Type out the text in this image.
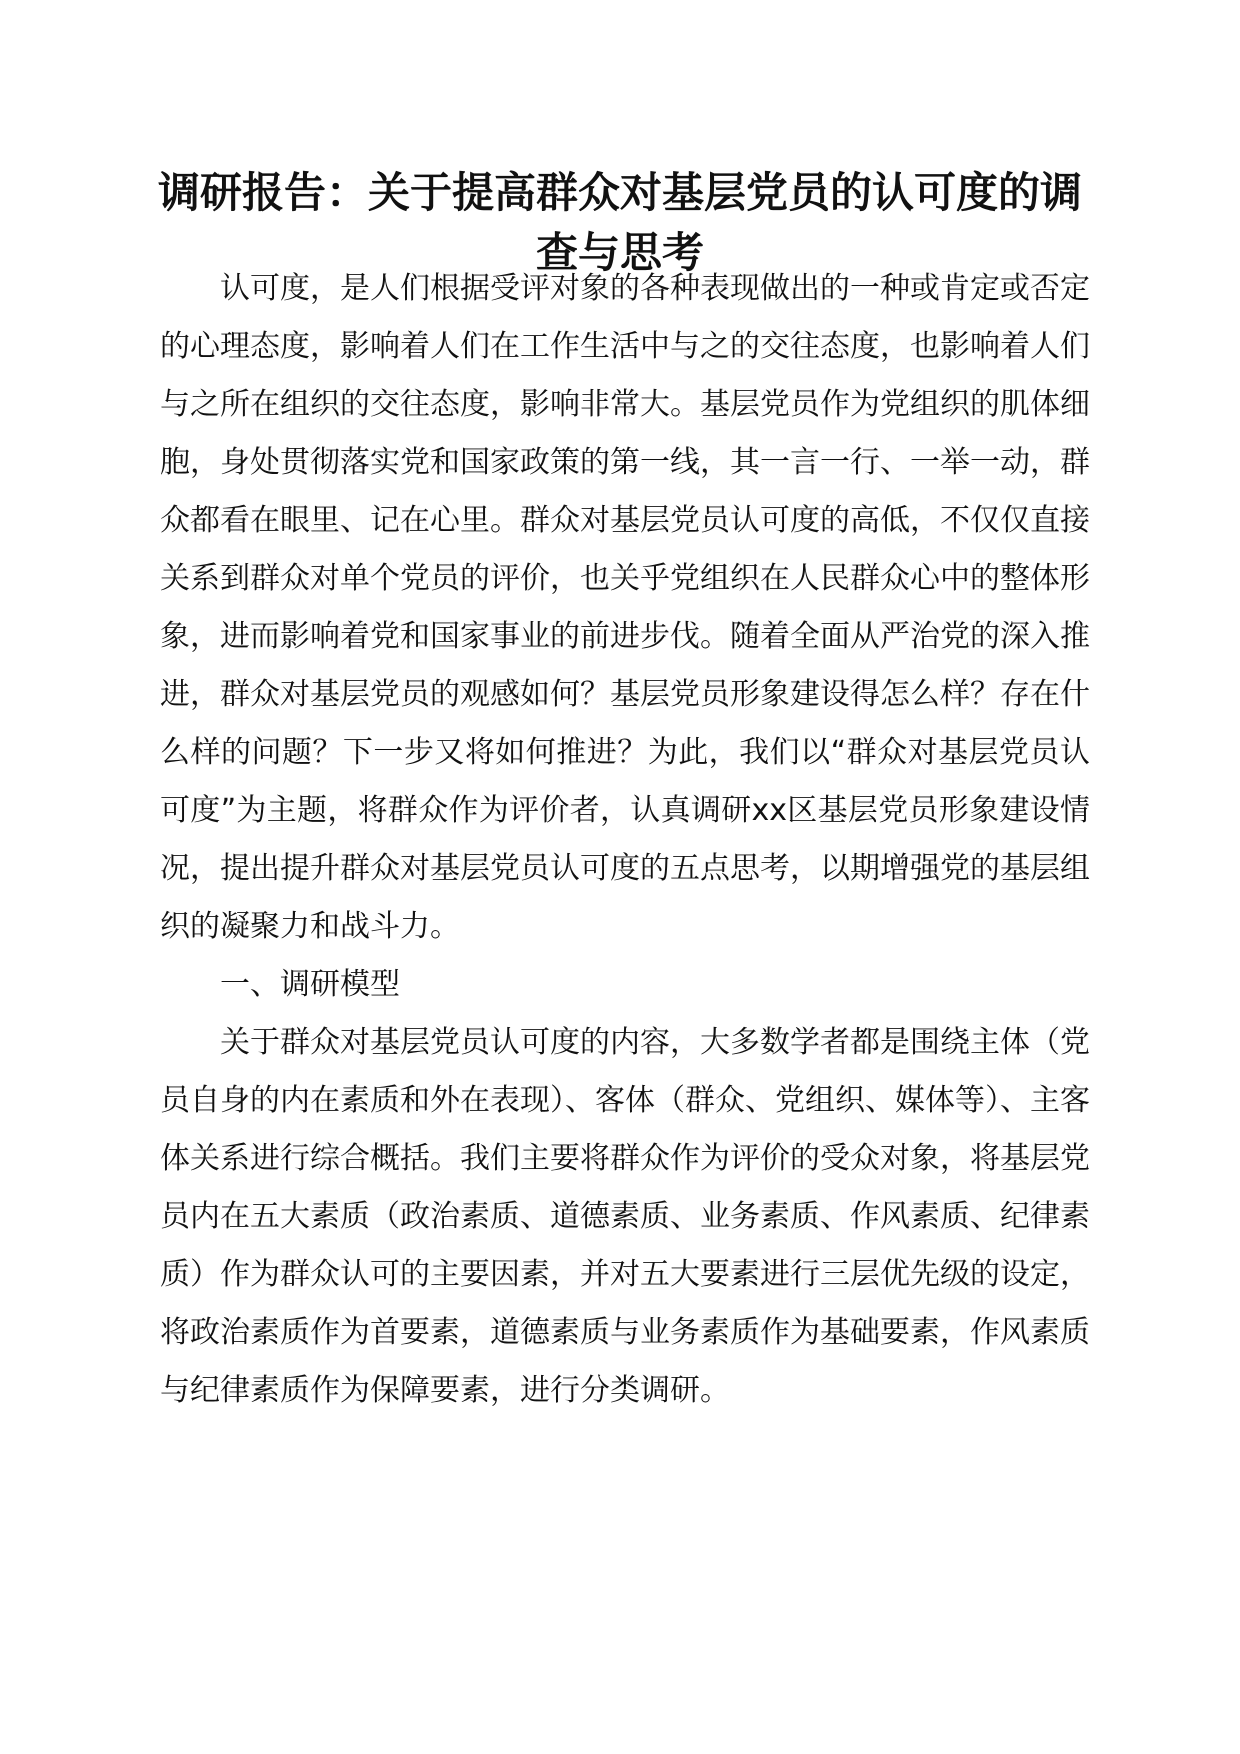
调研报告：关于提高群众对基层党员的认可度的调查与思考

认可度，是人们根据受评对象的各种表现做出的一种或肯定或否定的心理态度，影响着人们在工作生活中与之的交往态度，也影响着人们与之所在组织的交往态度，影响非常大。基层党员作为党组织的肌体细胞，身处贯彻落实党和国家政策的第一线，其一言一行、一举一动，群众都看在眼里、记在心里。群众对基层党员认可度的高低，不仅仅直接关系到群众对单个党员的评价，也关乎党组织在人民群众心中的整体形象，进而影响着党和国家事业的前进步伐。随着全面从严治党的深入推进，群众对基层党员的观感如何？基层党员形象建设得怎么样？存在什么样的问题？下一步又将如何推进？为此，我们以“群众对基层党员认可度”为主题，将群众作为评价者，认真调研xx区基层党员形象建设情况，提出提升群众对基层党员认可度的五点思考，以期增强党的基层组织的凝聚力和战斗力。

一、调研模型

关于群众对基层党员认可度的内容，大多数学者都是围绕主体（党员自身的内在素质和外在表现）、客体（群众、党组织、媒体等）、主客体关系进行综合概括。我们主要将群众作为评价的受众对象，将基层党员内在五大素质（政治素质、道德素质、业务素质、作风素质、纪律素质）作为群众认可的主要因素，并对五大要素进行三层优先级的设定，将政治素质作为首要素，道德素质与业务素质作为基础要素，作风素质与纪律素质作为保障要素，进行分类调研。
